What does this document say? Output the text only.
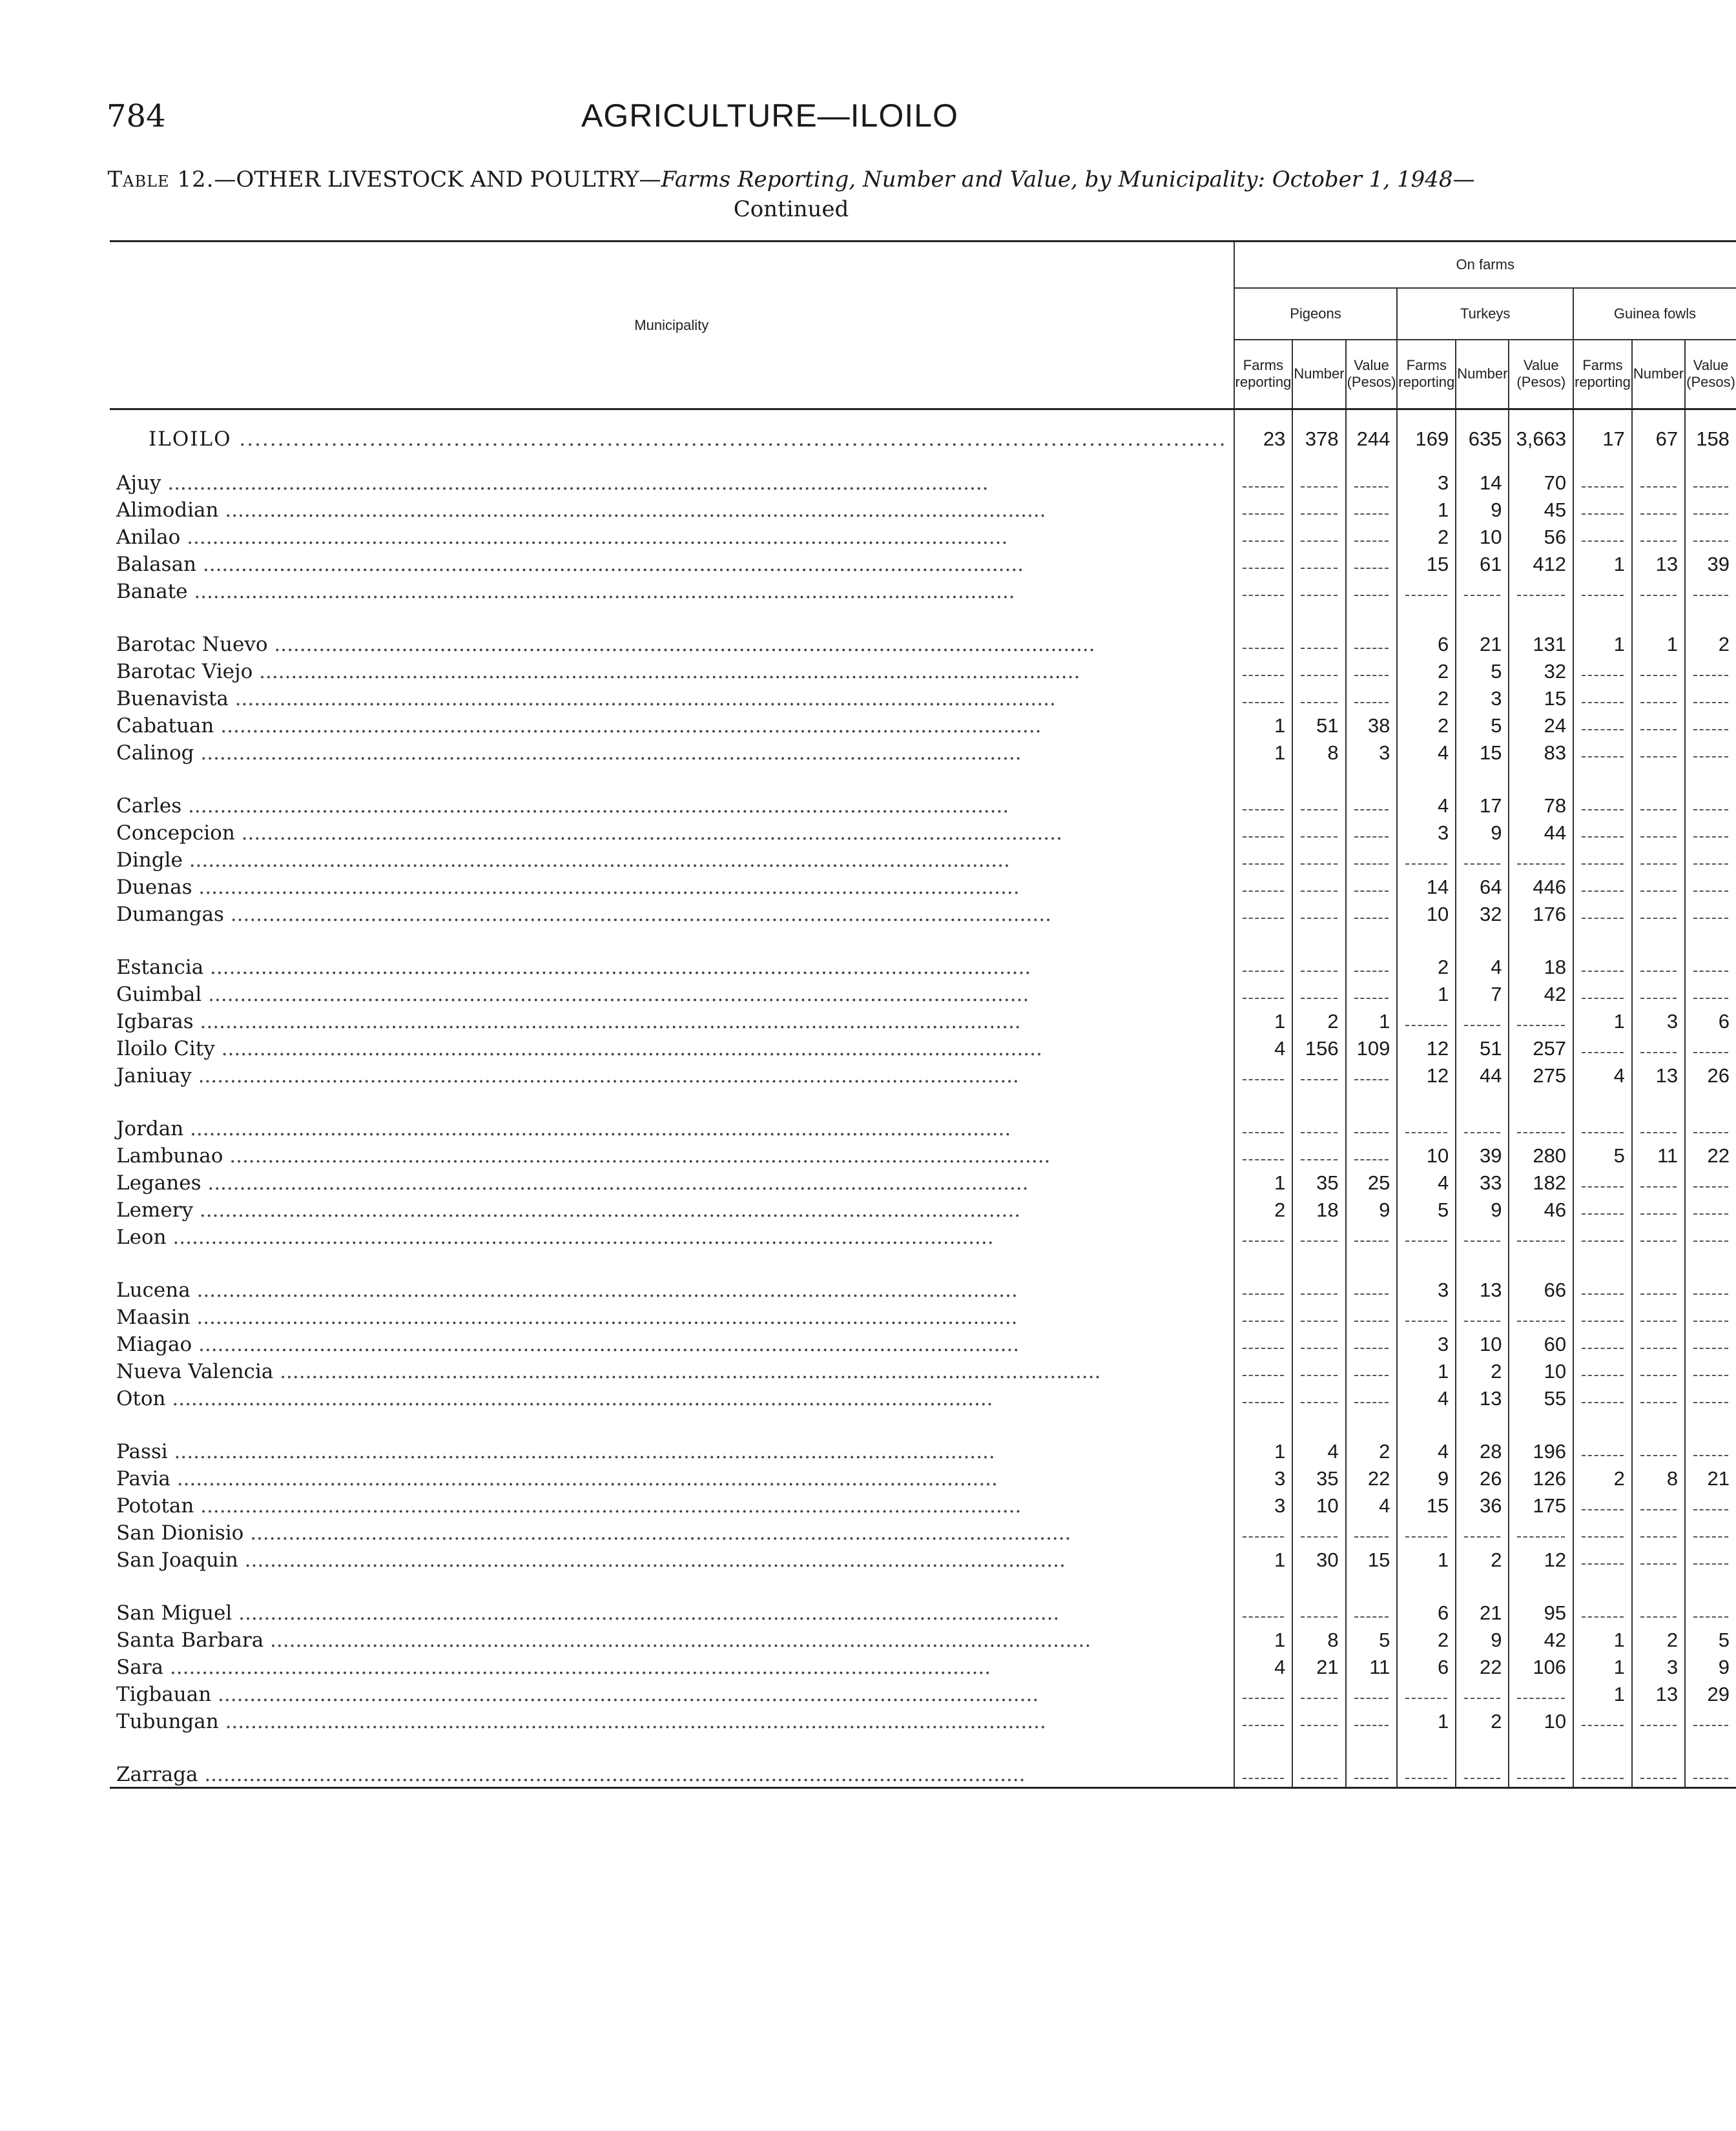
784	AGRICULTURE—ILOILO
Table 12.—OTHER LIVESTOCK AND POULTRY—Farms Reporting, Number and Value, by Municipality: October 1, 1948—Continued
Municipality	On farms								
	Pigeons			Turkeys			Guinea fowls		
	Farms reporting	Number	Value (Pesos)	Farms reporting	Number	Value (Pesos)	Farms reporting	Number	Value (Pesos)
ILOILO .....	23	378	244	169	635	3,663	17	67	158
Ajuy .....				3	14	70			
Alimodian .....				1	9	45			
Anilao .....				2	10	56			
Balasan .....				15	61	412	1	13	39
Banate .....									

Barotac Nuevo .....				6	21	131	1	1	2
Barotac Viejo .....				2	5	32			
Buenavista .....				2	3	15			
Cabatuan .....	1	51	38	2	5	24			
Calinog .....	1	8	3	4	15	83			

Carles .....				4	17	78			
Concepcion .....				3	9	44			
Dingle .....									
Duenas .....				14	64	446			
Dumangas .....				10	32	176			

Estancia .....				2	4	18			
Guimbal .....				1	7	42			
Igbaras .....	1	2	1				1	3	6
Iloilo City .....	4	156	109	12	51	257			
Janiuay .....				12	44	275	4	13	26

Jordan .....									
Lambunao .....				10	39	280	5	11	22
Leganes .....	1	35	25	4	33	182			
Lemery .....	2	18	9	5	9	46			
Leon .....									

Lucena .....				3	13	66			
Maasin .....									
Miagao .....				3	10	60			
Nueva Valencia .....				1	2	10			
Oton .....				4	13	55			

Passi .....	1	4	2	4	28	196			
Pavia .....	3	35	22	9	26	126	2	8	21
Pototan .....	3	10	4	15	36	175			
San Dionisio .....									
San Joaquin .....	1	30	15	1	2	12			

San Miguel .....				6	21	95			
Santa Barbara .....	1	8	5	2	9	42	1	2	5
Sara .....	4	21	11	6	22	106	1	3	9
Tigbauan .....							1	13	29
Tubungan .....				1	2	10			

Zarraga .....									
